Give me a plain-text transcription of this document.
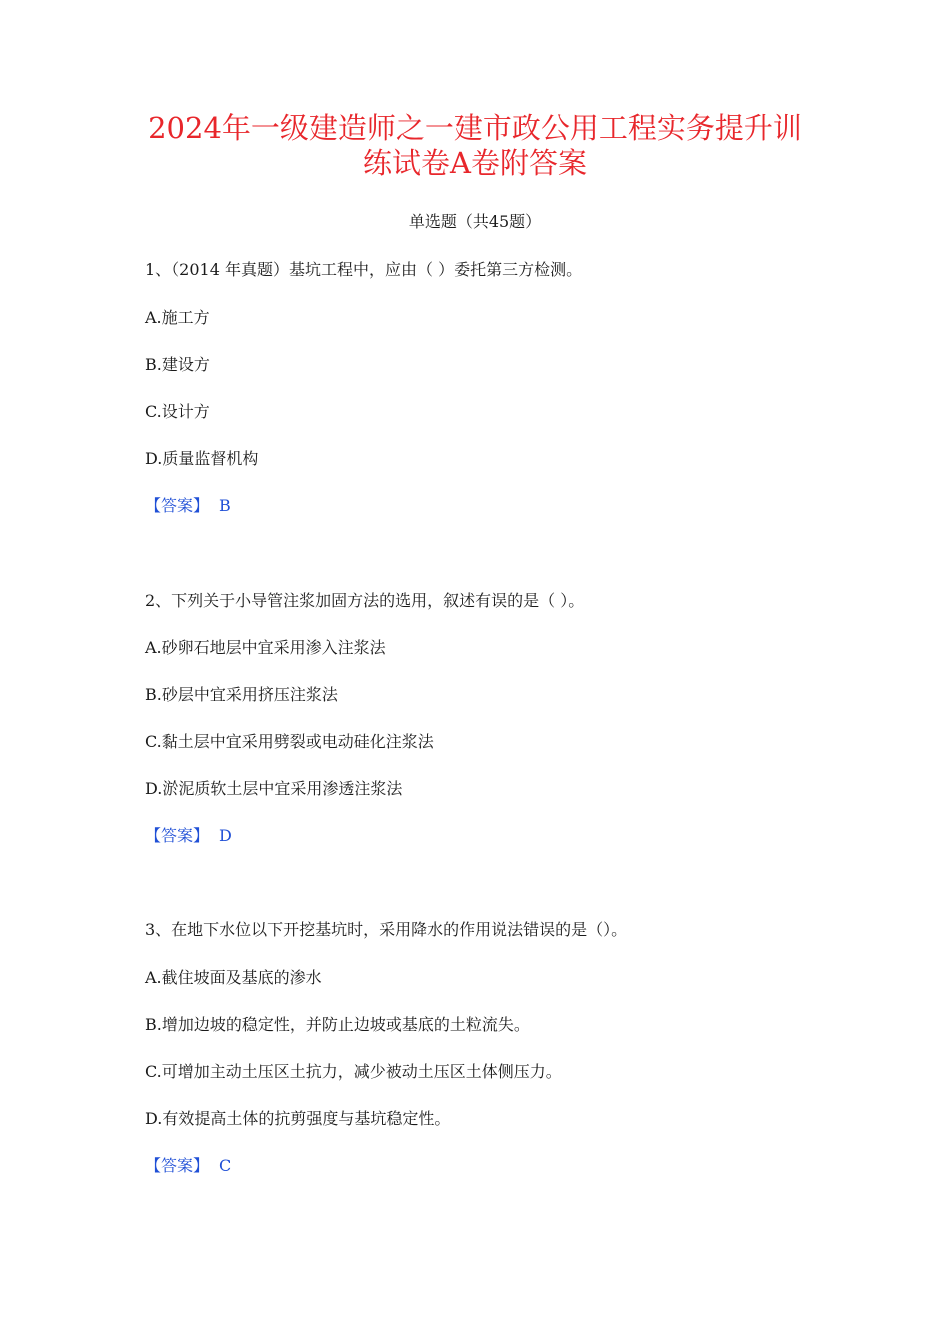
2024年一级建造师之一建市政公用工程实务提升训
练试卷A卷附答案
单选题（共45题）
1、（2014 年真题）基坑工程中，应由（ ）委托第三方检测。
A.施工方
B.建设方
C.设计方
D.质量监督机构
【答案】 B
2、下列关于小导管注浆加固方法的选用，叙述有误的是（ ）。
A.砂卵石地层中宜采用渗入注浆法
B.砂层中宜采用挤压注浆法
C.黏土层中宜采用劈裂或电动硅化注浆法
D.淤泥质软土层中宜采用渗透注浆法
【答案】 D
3、在地下水位以下开挖基坑时，采用降水的作用说法错误的是（）。
A.截住坡面及基底的渗水
B.增加边坡的稳定性，并防止边坡或基底的土粒流失。
C.可增加主动土压区土抗力，减少被动土压区土体侧压力。
D.有效提高土体的抗剪强度与基坑稳定性。
【答案】 C
